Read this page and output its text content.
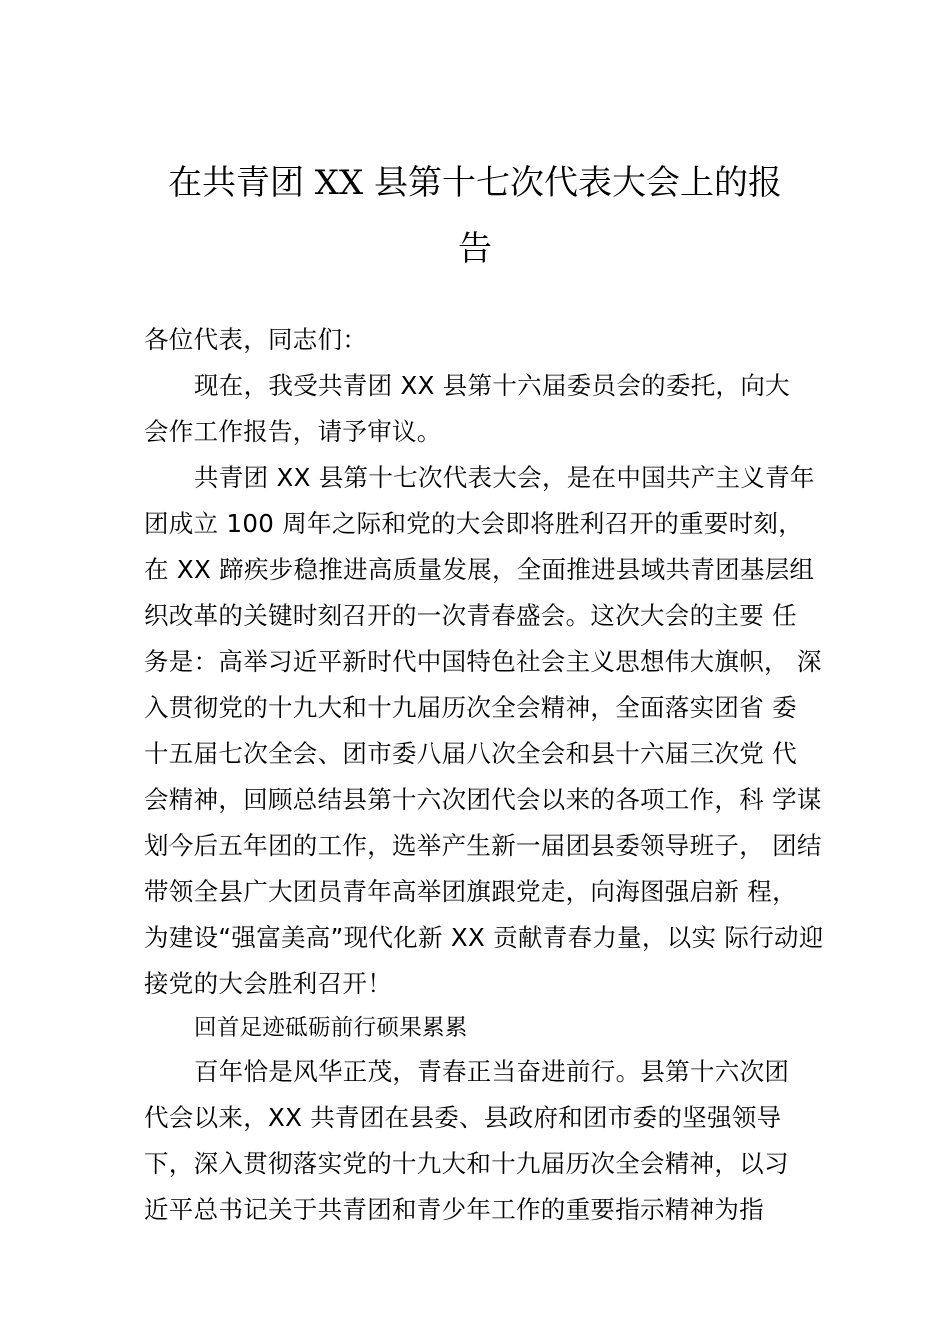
在共青团 XX 县第十七次代表大会上的报
告
各位代表，同志们：
现在，我受共青团 XX 县第十六届委员会的委托，向大
会作工作报告，请予审议。
共青团 XX 县第十七次代表大会，是在中国共产主义青年
团成立 100 周年之际和党的大会即将胜利召开的重要时刻，
在 XX 蹄疾步稳推进高质量发展，全面推进县域共青团基层组
织改革的关键时刻召开的一次青春盛会。这次大会的主要 任
务是：高举习近平新时代中国特色社会主义思想伟大旗帜， 深
入贯彻党的十九大和十九届历次全会精神，全面落实团省 委
十五届七次全会、团市委八届八次全会和县十六届三次党 代
会精神，回顾总结县第十六次团代会以来的各项工作，科 学谋
划今后五年团的工作，选举产生新一届团县委领导班子， 团结
带领全县广大团员青年高举团旗跟党走，向海图强启新 程，
为建设“强富美高”现代化新 XX 贡献青春力量，以实 际行动迎
接党的大会胜利召开！
回首足迹砥砺前行硕果累累
百年恰是风华正茂，青春正当奋进前行。县第十六次团
代会以来，XX 共青团在县委、县政府和团市委的坚强领导
下，深入贯彻落实党的十九大和十九届历次全会精神，以习
近平总书记关于共青团和青少年工作的重要指示精神为指
